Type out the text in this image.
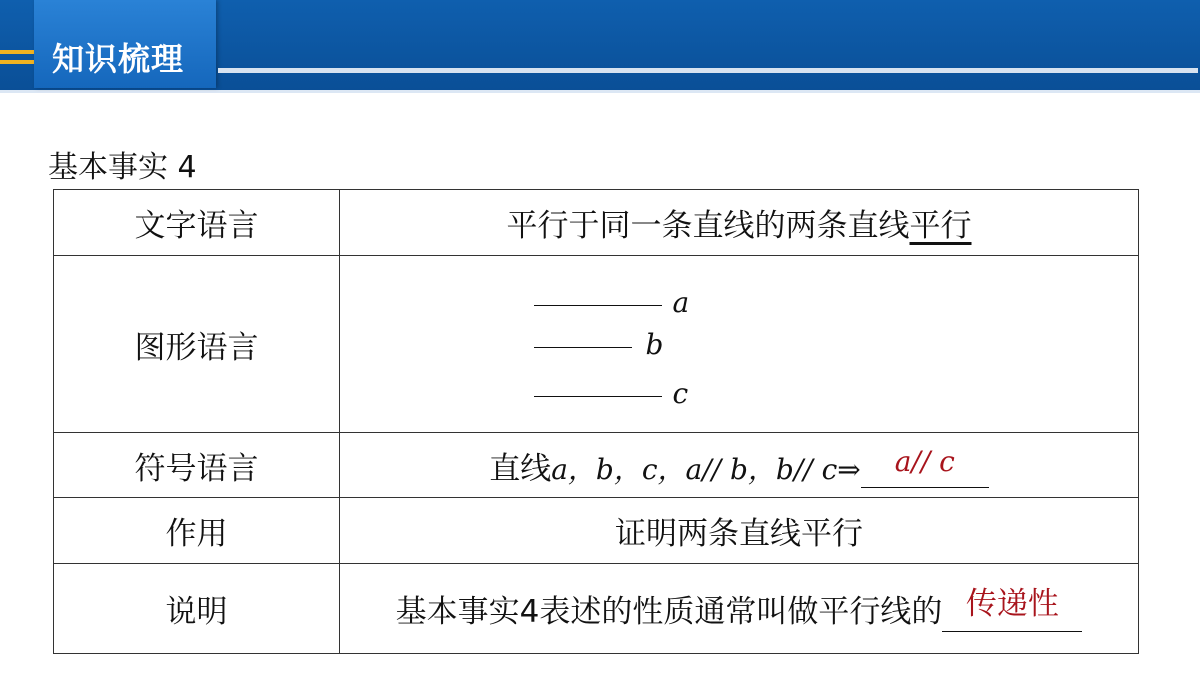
知识梳理
基本事实 4
文字语言	平行于同一条直线的两条直线平行
图形语言	a
b
c

符号语言	直线a，b，c，a// b，b// c⇒ a// c
作用	证明两条直线平行
说明	基本事实4表述的性质通常叫做平行线的 传递性
